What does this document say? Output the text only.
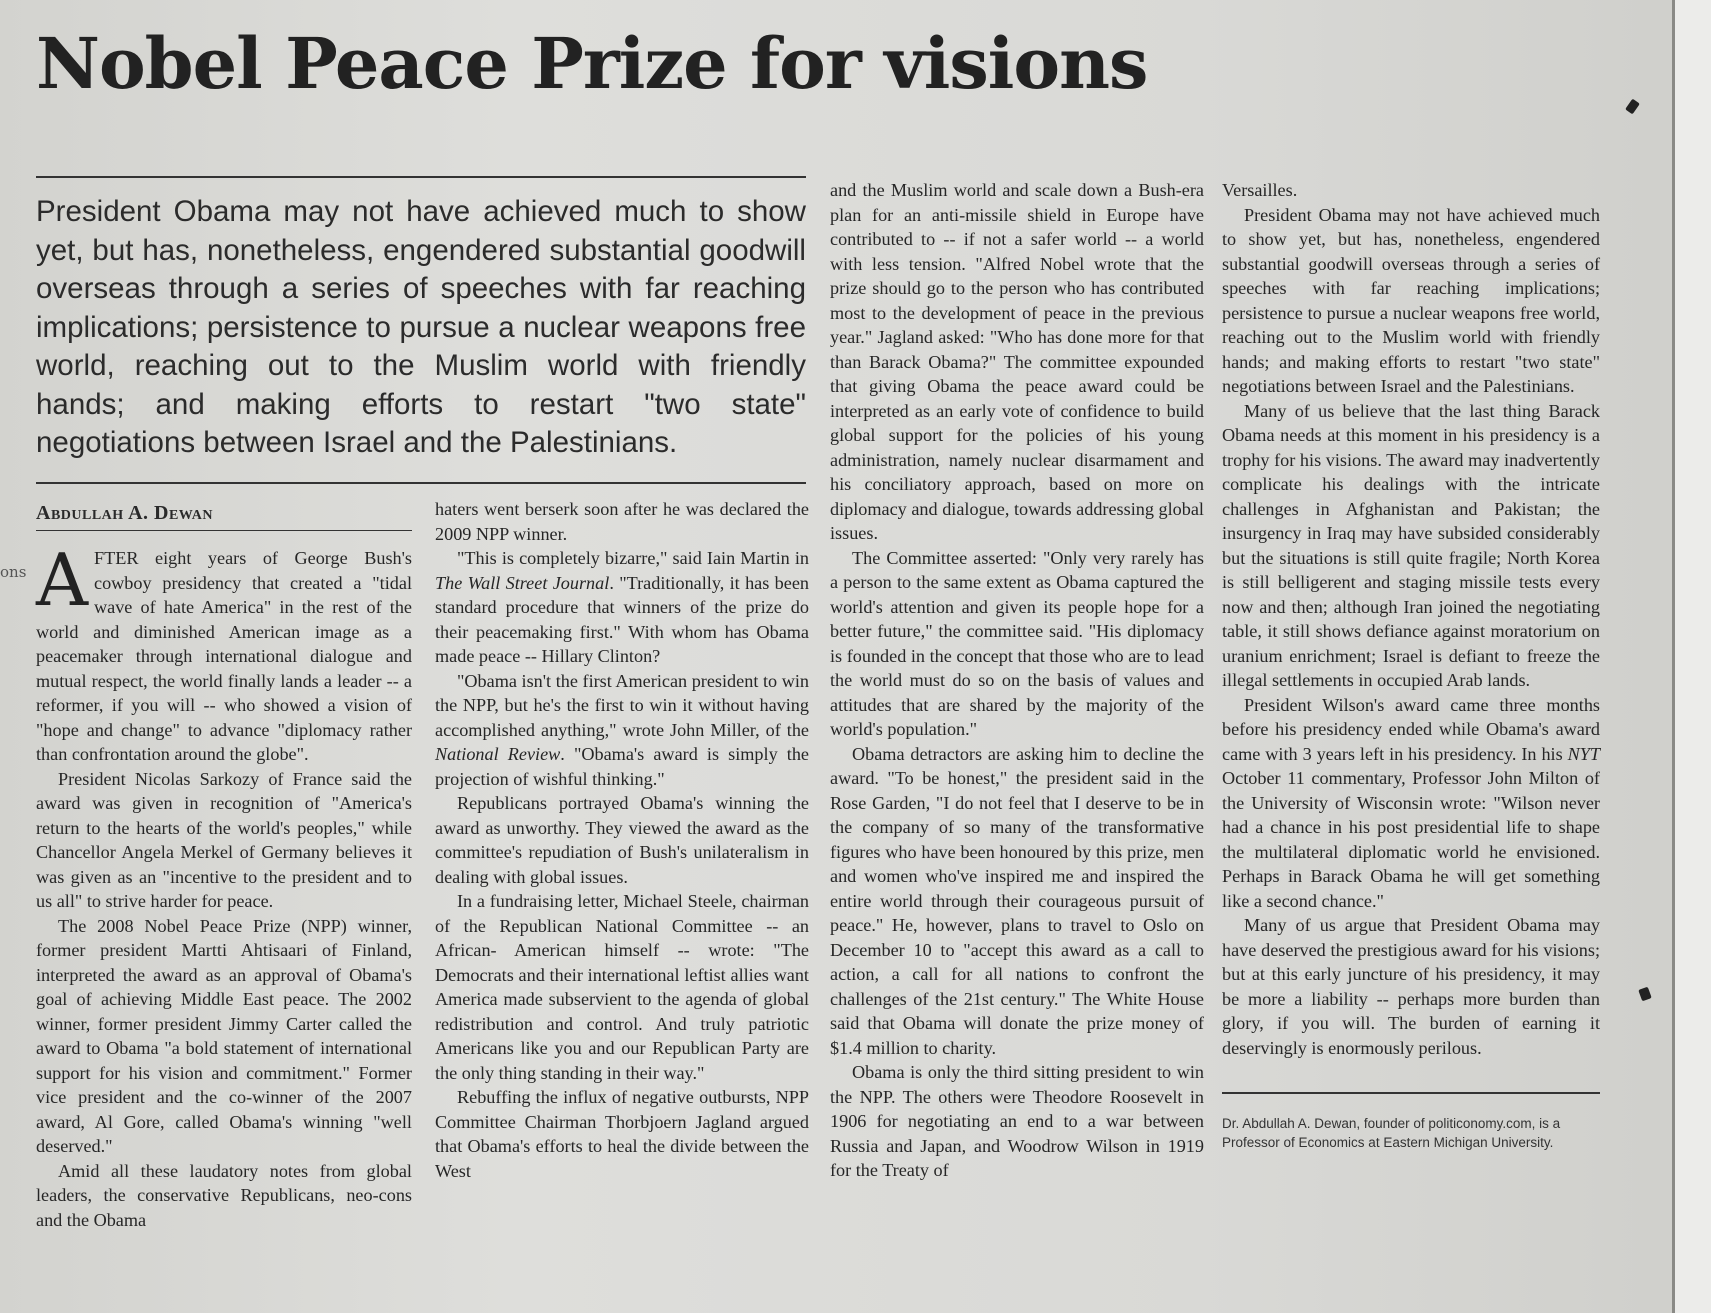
ons
Nobel Peace Prize for visions

President Obama may not have achieved much to show yet, but has, nonetheless, engendered substantial goodwill overseas through a series of speeches with far reaching implications; persistence to pursue a nuclear weapons free world, reaching out to the Muslim world with friendly hands; and making efforts to restart "two state" negotiations between Israel and the Palestinians.

Abdullah A. Dewan
A FTER eight years of George Bush's cowboy presidency that created a "tidal wave of hate America" in the rest of the world and diminished American image as a peacemaker through international dialogue and mutual respect, the world finally lands a leader -- a reformer, if you will -- who showed a vision of "hope and change" to advance "diplomacy rather than confrontation around the globe".

President Nicolas Sarkozy of France said the award was given in recognition of "America's return to the hearts of the world's peoples," while Chancellor Angela Merkel of Germany believes it was given as an "incentive to the president and to us all" to strive harder for peace.

The 2008 Nobel Peace Prize (NPP) winner, former president Martti Ahtisaari of Finland, interpreted the award as an approval of Obama's goal of achieving Middle East peace. The 2002 winner, former president Jimmy Carter called the award to Obama "a bold statement of international support for his vision and commitment." Former vice president and the co-winner of the 2007 award, Al Gore, called Obama's winning "well deserved."

Amid all these laudatory notes from global leaders, the conservative Republicans, neo-cons and the Obama

haters went berserk soon after he was declared the 2009 NPP winner.

"This is completely bizarre," said Iain Martin in The Wall Street Journal. "Traditionally, it has been standard procedure that winners of the prize do their peacemaking first." With whom has Obama made peace -- Hillary Clinton?

"Obama isn't the first American president to win the NPP, but he's the first to win it without having accomplished anything," wrote John Miller, of the National Review. "Obama's award is simply the projection of wishful thinking."

Republicans portrayed Obama's winning the award as unworthy. They viewed the award as the committee's repudiation of Bush's unilateralism in dealing with global issues.

In a fundraising letter, Michael Steele, chairman of the Republican National Committee -- an African- American himself -- wrote: "The Democrats and their international leftist allies want America made subservient to the agenda of global redistribution and control. And truly patriotic Americans like you and our Republican Party are the only thing standing in their way."

Rebuffing the influx of negative outbursts, NPP Committee Chairman Thorbjoern Jagland argued that Obama's efforts to heal the divide between the West

and the Muslim world and scale down a Bush-era plan for an anti-missile shield in Europe have contributed to -- if not a safer world -- a world with less tension. "Alfred Nobel wrote that the prize should go to the person who has contributed most to the development of peace in the previous year." Jagland asked: "Who has done more for that than Barack Obama?" The committee expounded that giving Obama the peace award could be interpreted as an early vote of confidence to build global support for the policies of his young administration, namely nuclear disarmament and his conciliatory approach, based on more on diplomacy and dialogue, towards addressing global issues.

The Committee asserted: "Only very rarely has a person to the same extent as Obama captured the world's attention and given its people hope for a better future," the committee said. "His diplomacy is founded in the concept that those who are to lead the world must do so on the basis of values and attitudes that are shared by the majority of the world's population."

Obama detractors are asking him to decline the award. "To be honest," the president said in the Rose Garden, "I do not feel that I deserve to be in the company of so many of the transformative figures who have been honoured by this prize, men and women who've inspired me and inspired the entire world through their courageous pursuit of peace." He, however, plans to travel to Oslo on December 10 to "accept this award as a call to action, a call for all nations to confront the challenges of the 21st century." The White House said that Obama will donate the prize money of $1.4 million to charity.

Obama is only the third sitting president to win the NPP. The others were Theodore Roosevelt in 1906 for negotiating an end to a war between Russia and Japan, and Woodrow Wilson in 1919 for the Treaty of

Versailles.

President Obama may not have achieved much to show yet, but has, nonetheless, engendered substantial goodwill overseas through a series of speeches with far reaching implications; persistence to pursue a nuclear weapons free world, reaching out to the Muslim world with friendly hands; and making efforts to restart "two state" negotiations between Israel and the Palestinians.

Many of us believe that the last thing Barack Obama needs at this moment in his presidency is a trophy for his visions. The award may inadvertently complicate his dealings with the intricate challenges in Afghanistan and Pakistan; the insurgency in Iraq may have subsided considerably but the situations is still quite fragile; North Korea is still belligerent and staging missile tests every now and then; although Iran joined the negotiating table, it still shows defiance against moratorium on uranium enrichment; Israel is defiant to freeze the illegal settlements in occupied Arab lands.

President Wilson's award came three months before his presidency ended while Obama's award came with 3 years left in his presidency. In his NYT October 11 commentary, Professor John Milton of the University of Wisconsin wrote: "Wilson never had a chance in his post presidential life to shape the multilateral diplomatic world he envisioned. Perhaps in Barack Obama he will get something like a second chance."

Many of us argue that President Obama may have deserved the prestigious award for his visions; but at this early juncture of his presidency, it may be more a liability -- perhaps more burden than glory, if you will. The burden of earning it deservingly is enormously perilous.

Dr. Abdullah A. Dewan, founder of politiconomy.com, is a Professor of Economics at Eastern Michigan University.
